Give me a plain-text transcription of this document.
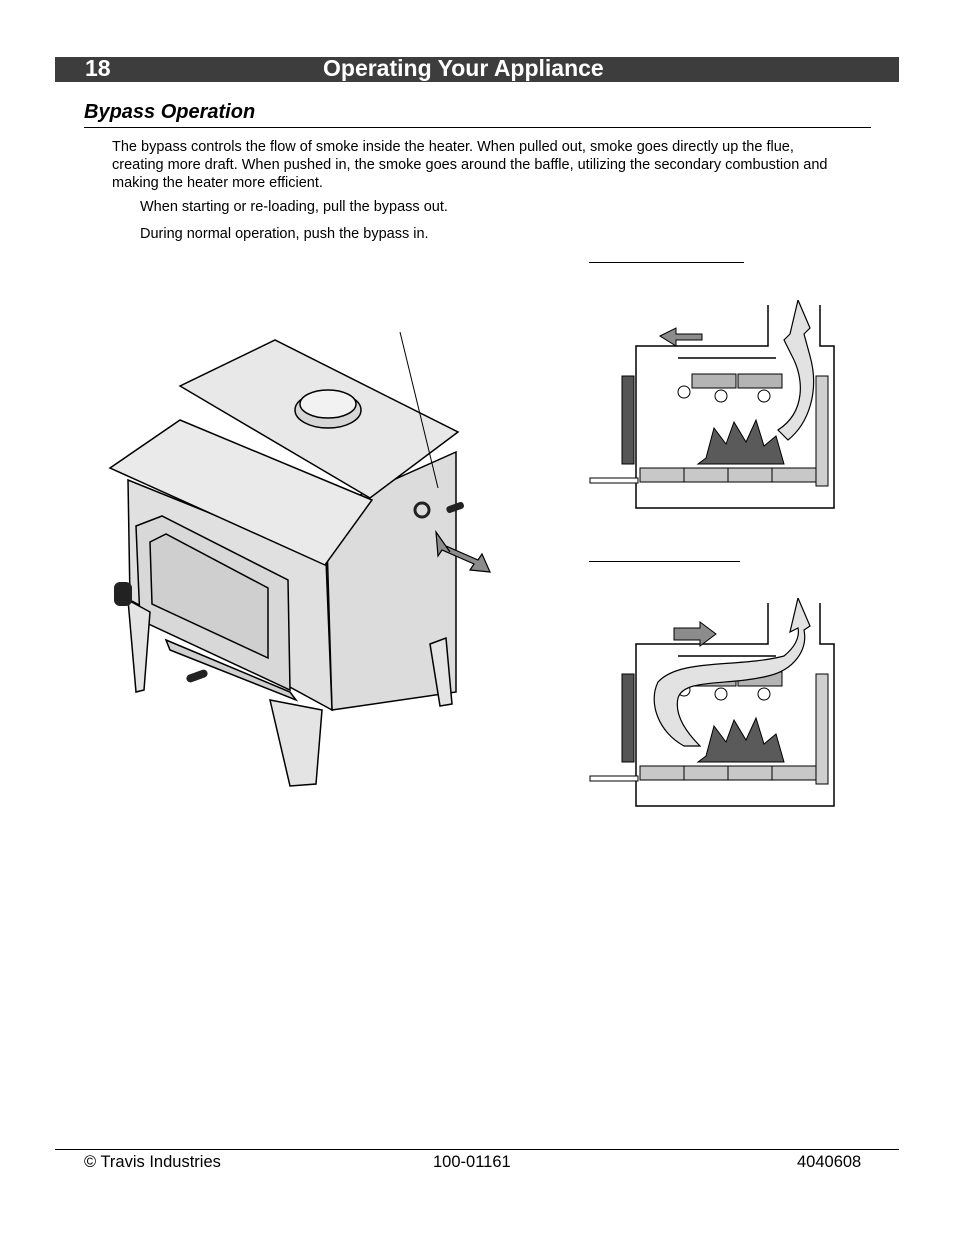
18	Operating Your Appliance
Bypass Operation
The bypass controls the flow of smoke inside the heater. When pulled out, smoke goes directly up the flue, creating more draft. When pushed in, the smoke goes around the baffle, utilizing the secondary combustion and making the heater more efficient.
When starting or re-loading, pull the bypass out.
During normal operation, push the bypass in.
© Travis Industries	100-01161	4040608
